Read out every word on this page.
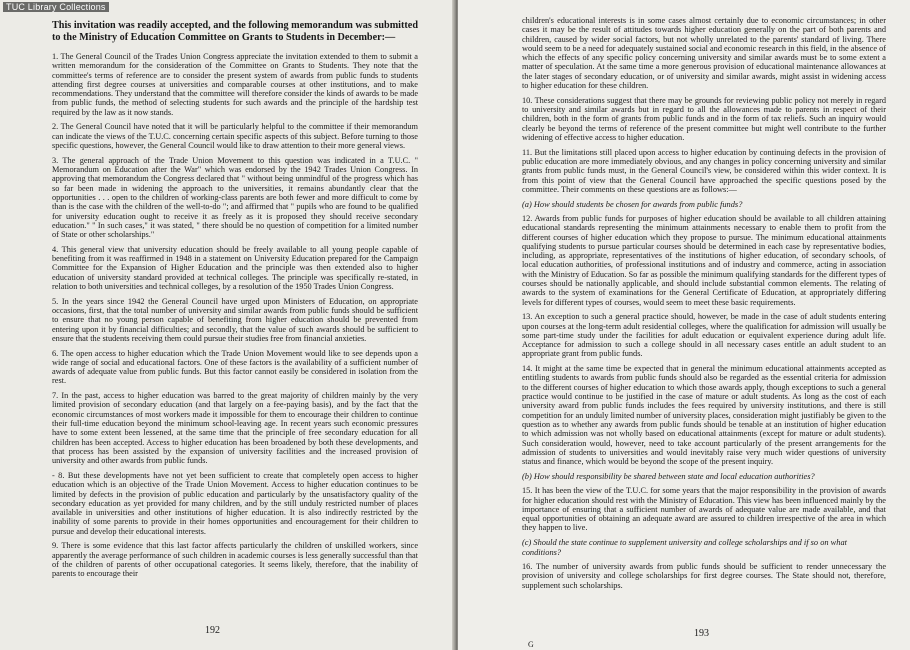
This invitation was readily accepted, and the following memorandum was submitted to the Ministry of Education Committee on Grants to Students in December:—

1. The General Council of the Trades Union Congress appreciate the invitation extended to them to submit a written memorandum for the consideration of the Committee on Grants to Students. They note that the committee's terms of reference are to consider the present system of awards from public funds to students attending first degree courses at universities and comparable courses at other institutions, and to make recommendations. They understand that the committee will therefore consider the kinds of awards to be made from public funds, the method of selecting students for such awards and the principle of the hardship test required by the law as it now stands.

2. The General Council have noted that it will be particularly helpful to the committee if their memorandum can indicate the views of the T.U.C. concerning certain specific aspects of this subject. Before turning to those specific questions, however, the General Council would like to draw attention to their more general views.

3. The general approach of the Trade Union Movement to this question was indicated in a T.U.C. " Memorandum on Education after the War" which was endorsed by the 1942 Trades Union Congress. In approving that memorandum the Congress declared that " without being unmindful of the progress which has so far been made in widening the approach to the universities, it remains abundantly clear that the opportunities . . . open to the children of working-class parents are both fewer and more difficult to come by than is the case with the children of the well-to-do "; and affirmed that " pupils who are found to be qualified for university education ought to receive it as freely as it is proposed they should receive secondary education." " In such cases," it was stated, " there should be no question of competition for a limited number of State or other scholarships."

4. This general view that university education should be freely available to all young people capable of benefiting from it was reaffirmed in 1948 in a statement on University Education prepared for the Campaign Committee for the Expansion of Higher Education and the principle was then extended also to higher education of university standard provided at technical colleges. The principle was specifically re-stated, in relation to both universities and technical colleges, by a resolution of the 1950 Trades Union Congress.

5. In the years since 1942 the General Council have urged upon Ministers of Education, on appropriate occasions, first, that the total number of university and similar awards from public funds should be sufficient to ensure that no young person capable of benefiting from higher education should be prevented from entering upon it by financial difficulties; and secondly, that the value of such awards should be sufficient to ensure that the students receiving them could pursue their studies free from financial anxieties.

6. The open access to higher education which the Trade Union Movement would like to see depends upon a wide range of social and educational factors. One of these factors is the availability of a sufficient number of awards of adequate value from public funds. But this factor cannot easily be considered in isolation from the rest.

7. In the past, access to higher education was barred to the great majority of children mainly by the very limited provision of secondary education (and that largely on a fee-paying basis), and by the fact that the economic circumstances of most workers made it impossible for them to encourage their children to continue their full-time education beyond the minimum school-leaving age. In recent years such economic pressures have to some extent been lessened, at the same time that the principle of free secondary education for all children has been accepted. Access to higher education has been broadened by both these developments, and that process has been assisted by the expansion of university facilities and the increased provision of university and other awards from public funds.

- 8. But these developments have not yet been sufficient to create that completely open access to higher education which is an objective of the Trade Union Movement. Access to higher education continues to be limited by defects in the provision of public education and particularly by the unsatisfactory quality of the secondary education as yet provided for many children, and by the still unduly restricted number of places available in universities and other institutions of higher education. It is also indirectly restricted by the inability of some parents to provide in their homes opportunities and encouragement for their children to pursue and develop their educational interests.

9. There is some evidence that this last factor affects particularly the children of unskilled workers, since apparently the average performance of such children in academic courses is less generally successful than that of the children of parents of other occupational categories. It seems likely, therefore, that the inability of parents to encourage their

192

children's educational interests is in some cases almost certainly due to economic circumstances; in other cases it may be the result of attitudes towards higher education generally on the part of both parents and children, caused by wider social factors, but not wholly unrelated to the parents' standard of living. There would seem to be a need for adequately sustained social and economic research in this field, in the absence of which the effects of any specific policy concerning university and similar awards must be to some extent a matter of speculation. At the same time a more generous provision of educational maintenance allowances at the later stages of secondary education, or of university and similar awards, might assist in widening access to higher education for these children.

10. These considerations suggest that there may be grounds for reviewing public policy not merely in regard to university and similar awards but in regard to all the allowances made to parents in respect of their children, both in the form of grants from public funds and in the form of tax reliefs. Such an inquiry would clearly be beyond the terms of reference of the present committee but might well contribute to the further widening of effective access to higher education.

11. But the limitations still placed upon access to higher education by continuing defects in the provision of public education are more immediately obvious, and any changes in policy concerning university and similar grants from public funds must, in the General Council's view, be considered within this wider context. It is from this point of view that the General Council have approached the specific questions posed by the committee. Their comments on these questions are as follows:—

(a) How should students be chosen for awards from public funds?

12. Awards from public funds for purposes of higher education should be available to all children attaining educational standards representing the minimum attainments necessary to enable them to profit from the different courses of higher education which they propose to pursue. The minimum educational attainments qualifying students to pursue particular courses should be determined in each case by representative bodies, including, as appropriate, representatives of the institutions of higher education, of secondary schools, of local education authorities, of professional institutions and of industry and commerce, acting in association with the Ministry of Education. So far as possible the minimum qualifying standards for the different types of courses should be nationally applicable, and should include substantial common elements. The relating of awards to the system of examinations for the General Certificate of Education, at appropriately differing levels for different types of courses, would seem to meet these basic requirements.

13. An exception to such a general practice should, however, be made in the case of adult students entering upon courses at the long-term adult residential colleges, where the qualification for admission will usually be some part-time study under the facilities for adult education or equivalent experience during adult life. Acceptance for admission to such a college should in all necessary cases entitle an adult student to an appropriate grant from public funds.

14. It might at the same time be expected that in general the minimum educational attainments accepted as entitling students to awards from public funds should also be regarded as the essential criteria for admission to the different courses of higher education to which those awards apply, though exceptions to such a general practice would continue to be justified in the case of mature or adult students. As long as the cost of each university award from public funds includes the fees required by university institutions, and there is still competition for an unduly limited number of university places, consideration might justifiably be given to the question as to whether any awards from public funds should be tenable at an institution of higher education to which admission was not wholly based on educational attainments (except for mature or adult students). Such consideration would, however, need to take account particularly of the present arrangements for the admission of students to universities and would inevitably raise very much wider questions of university status and finance, which would be beyond the scope of the present inquiry.

(b) How should responsibility be shared between state and local education authorities?

15. It has been the view of the T.U.C. for some years that the major responsibility in the provision of awards for higher education should rest with the Ministry of Education. This view has been influenced mainly by the importance of ensuring that a sufficient number of awards of adequate value are made available, and that equal opportunities of obtaining an adequate award are assured to children irrespective of the area in which they happen to live.

(c) Should the state continue to supplement university and college scholarships and if so on what conditions?

16. The number of university awards from public funds should be sufficient to render unnecessary the provision of university and college scholarships for first degree courses. The State should not, therefore, supplement such scholarships.

193
G
TUC Library Collections
